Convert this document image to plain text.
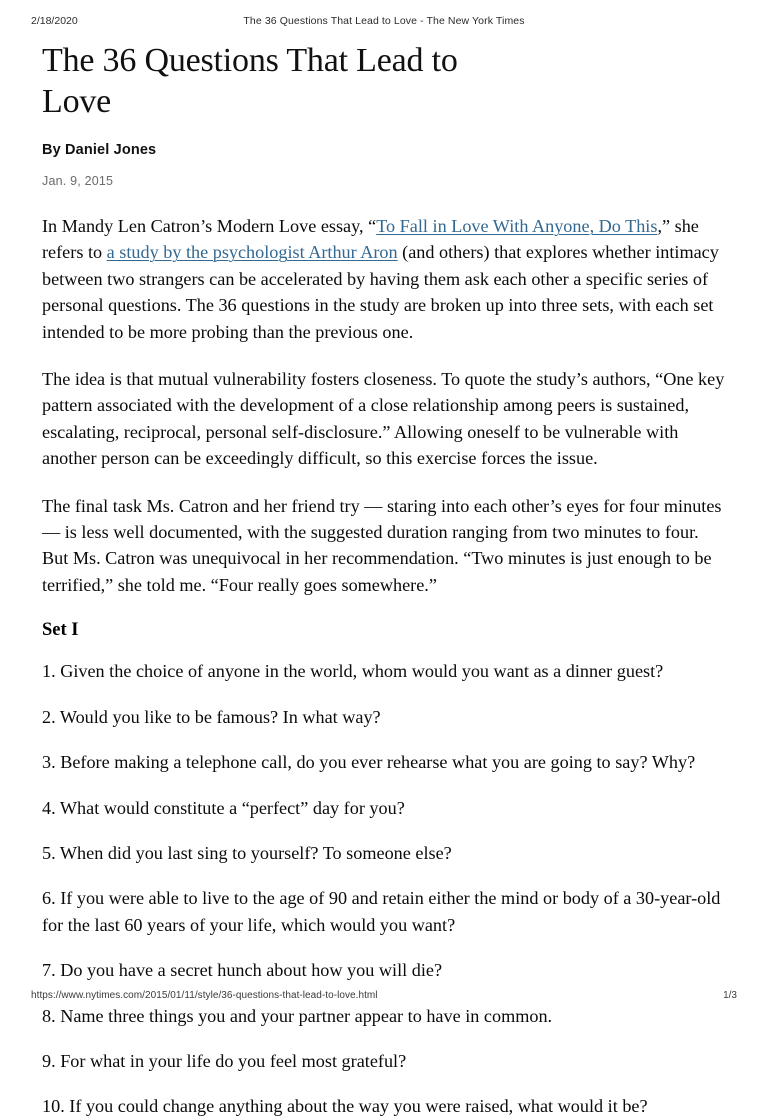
2/18/2020	The 36 Questions That Lead to Love - The New York Times
The 36 Questions That Lead to Love
By Daniel Jones
Jan. 9, 2015

In Mandy Len Catron’s Modern Love essay, “To Fall in Love With Anyone, Do This,” she refers to a study by the psychologist Arthur Aron (and others) that explores whether intimacy between two strangers can be accelerated by having them ask each other a specific series of personal questions. The 36 questions in the study are broken up into three sets, with each set intended to be more probing than the previous one.

The idea is that mutual vulnerability fosters closeness. To quote the study’s authors, “One key pattern associated with the development of a close relationship among peers is sustained, escalating, reciprocal, personal self-disclosure.” Allowing oneself to be vulnerable with another person can be exceedingly difficult, so this exercise forces the issue.

The final task Ms. Catron and her friend try — staring into each other’s eyes for four minutes — is less well documented, with the suggested duration ranging from two minutes to four. But Ms. Catron was unequivocal in her recommendation. “Two minutes is just enough to be terrified,” she told me. “Four really goes somewhere.”

Set I
1. Given the choice of anyone in the world, whom would you want as a dinner guest?
2. Would you like to be famous? In what way?
3. Before making a telephone call, do you ever rehearse what you are going to say? Why?
4. What would constitute a “perfect” day for you?
5. When did you last sing to yourself? To someone else?
6. If you were able to live to the age of 90 and retain either the mind or body of a 30-year-old for the last 60 years of your life, which would you want?
7. Do you have a secret hunch about how you will die?
8. Name three things you and your partner appear to have in common.
9. For what in your life do you feel most grateful?
10. If you could change anything about the way you were raised, what would it be?
https://www.nytimes.com/2015/01/11/style/36-questions-that-lead-to-love.html	1/3
